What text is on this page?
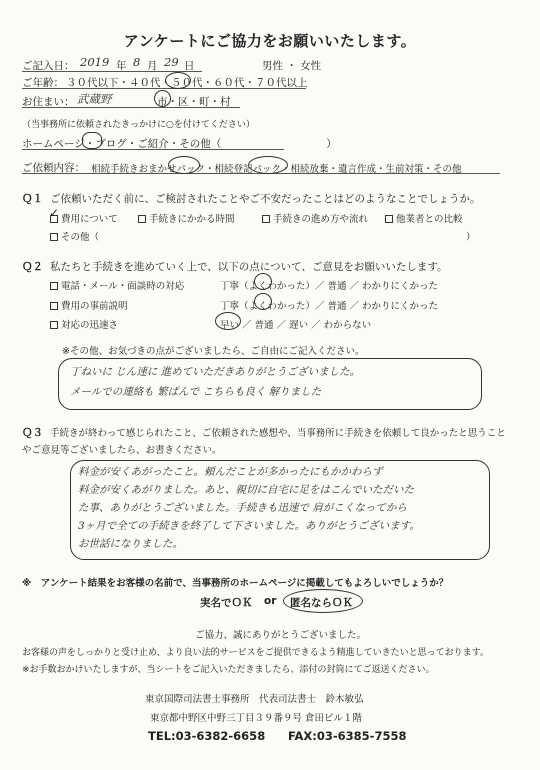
アンケートにご協力をお願いいたします。
ご記入日： 2019 年 8 月 29 日	男性 ・ 女性
ご年齢： ３０代以下・４０代・５０代・６０代・７０代以上
お住まい： 武蔵野	市・区・町・村
（当事務所に依頼されたきっかけに○を付けてください）
ホームページ・ブログ・ご紹介・その他（　　　　　　　　　　）
ご依頼内容： 相続手続きおまかせパック・相続登記パック・相続放棄・遺言作成・生前対策・その他
Ｑ１ ご依頼いただく前に、ご検討されたことやご不安だったことはどのようなことでしょうか。
費用について
✓	手続きにかかる時間	手続きの進め方や流れ	他業者との比較
その他（	）
Ｑ２ 私たちと手続きを進めていく上で、以下の点について、ご意見をお願いいたします。
電話・メール・面談時の対応	丁寧（よくわかった）／ 普通 ／ わかりにくかった
費用の事前説明	丁寧（よくわかった）／ 普通 ／ わかりにくかった
対応の迅速さ	早い ／ 普通 ／ 遅い ／ わからない
※その他、お気づきの点がございましたら、ご自由にご記入ください。
丁ねいに じん速に 進めていただきありがとうございました。
メールでの連絡も 繁ぱんで こちらも良く 解りました
Ｑ３ 手続きが終わって感じられたこと、ご依頼された感想や、当事務所に手続きを依頼して良かったと思うこと
やご意見等ございましたら、お書きください。
料金が安くあがったこと。頼んだことが多かったにもかかわらず
料金が安くあがりました。あと、親切に自宅に足をはこんでいただいた
た事、ありがとうございました。手続きも迅速で 肩がこくなってから
3ヶ月で全ての手続きを終了して下さいました。ありがとうございます。
お世話になりました。
※　アンケート結果をお客様の名前で、当事務所のホームページに掲載してもよろしいでしょうか？
実名でＯＫ or 匿名ならＯＫ
ご協力、誠にありがとうございました。
お客様の声をしっかりと受け止め、より良い法的サービスをご提供できるよう精進していきたいと思っております。
※お手数おかけいたしますが、当シートをご記入いただきましたら、添付の封筒にてご返送ください。
東京国際司法書士事務所　代表司法書士　鈴木敏弘
東京都中野区中野三丁目３９番９号 倉田ビル１階
TEL:03-6382-6658 FAX:03-6385-7558
